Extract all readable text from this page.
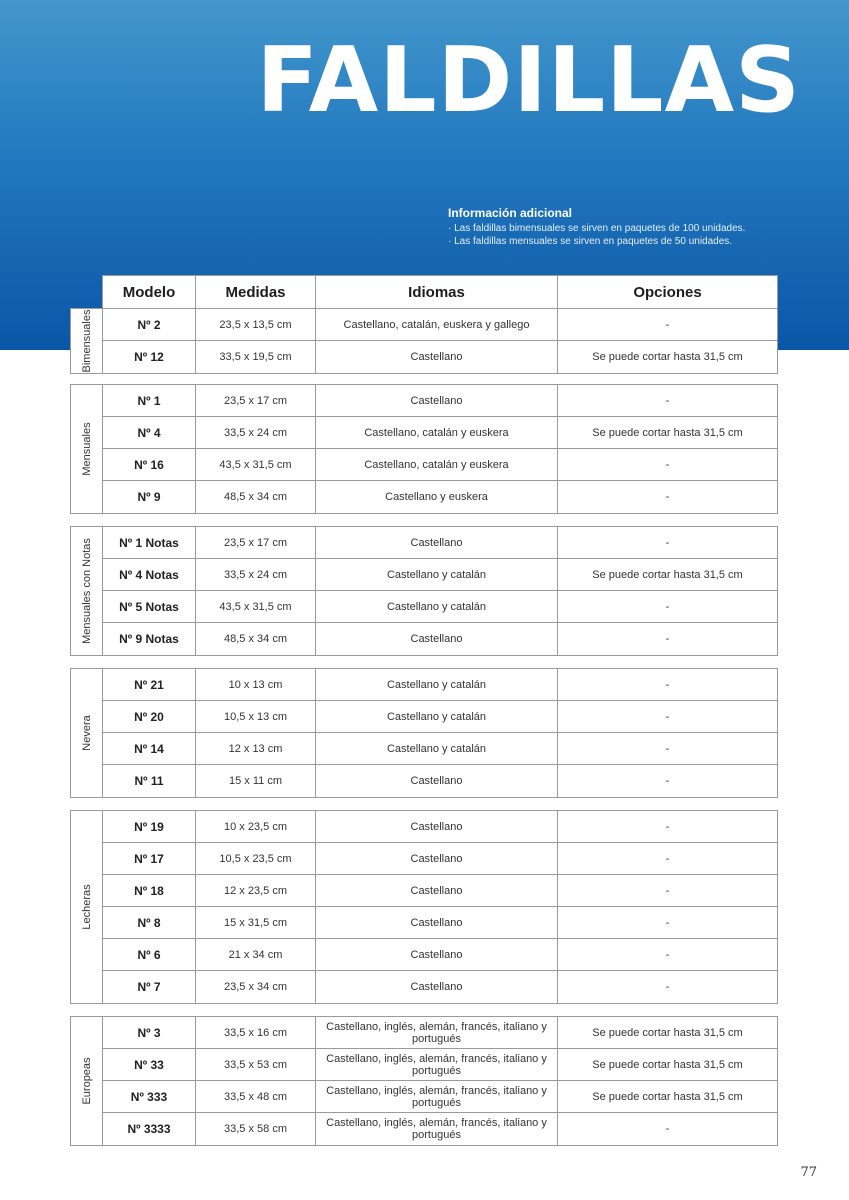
FALDILLAS
Información adicional
· Las faldillas bimensuales se sirven en paquetes de 100 unidades.
· Las faldillas mensuales se sirven en paquetes de 50 unidades.
Modelo	Medidas	Idiomas	Opciones
Bimensuales	Nº 2	23,5 x 13,5 cm	Castellano, catalán, euskera y gallego	-
Nº 12	33,5 x 19,5 cm	Castellano	Se puede cortar hasta 31,5 cm
Mensuales
Nº 1	23,5 x 17 cm	Castellano	-
Nº 4	33,5 x 24 cm	Castellano, catalán y euskera	Se puede cortar hasta 31,5 cm
Nº 16	43,5 x 31,5 cm	Castellano, catalán y euskera	-
Nº 9	48,5 x 34 cm	Castellano y euskera	-
Mensuales con Notas	Nº 1 Notas	23,5 x 17 cm	Castellano	-
Nº 4 Notas	33,5 x 24 cm	Castellano y catalán	Se puede cortar hasta 31,5 cm
Nº 5 Notas	43,5 x 31,5 cm	Castellano y catalán	-
Nº 9 Notas	48,5 x 34 cm	Castellano	-
Nevera
Nº 21	10 x 13 cm	Castellano y catalán	-
Nº 20	10,5 x 13 cm	Castellano y catalán	-
Nº 14	12 x 13 cm	Castellano y catalán	-
Nº 11	15 x 11 cm	Castellano	-
Lecheras
Nº 19	10 x 23,5 cm	Castellano	-
Nº 17	10,5 x 23,5 cm	Castellano	-
Nº 18	12 x 23,5 cm	Castellano	-
Nº 8	15 x 31,5 cm	Castellano	-
Nº 6	21 x 34 cm	Castellano	-
Nº 7	23,5 x 34 cm	Castellano	-
Europeas
Nº 3	33,5 x 16 cm	Castellano, inglés, alemán, francés, italiano y portugués	Se puede cortar hasta 31,5 cm
Nº 33	33,5 x 53 cm	Castellano, inglés, alemán, francés, italiano y portugués	Se puede cortar hasta 31,5 cm
Nº 333	33,5 x 48 cm	Castellano, inglés, alemán, francés, italiano y portugués	Se puede cortar hasta 31,5 cm
Nº 3333	33,5 x 58 cm	Castellano, inglés, alemán, francés, italiano y portugués	-
77
